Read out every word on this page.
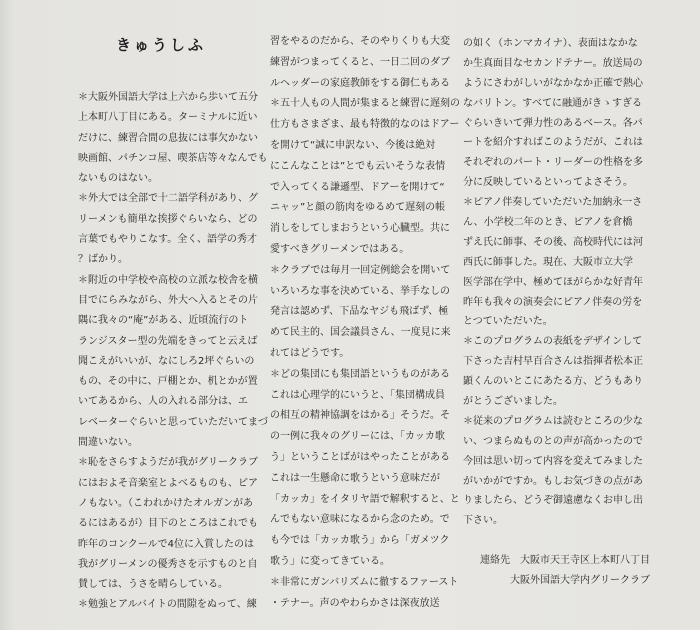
きゅうしふ
＊大阪外国語大学は上六から歩いて五分
上本町八丁目にある。ターミナルに近い
だけに、練習合間の息抜には事欠かない
映画館、パチンコ屋、喫茶店等々なんでも
ないものはない。
＊外大では全部で十二語学科があり、グ
リーメンも簡単な挨拶ぐらいなら、どの
言葉でもやりこなす。全く、語学の秀才
？ばかり。
＊附近の中学校や高校の立派な校舎を横
目でにらみながら、外大へ入るとその片
隅に我々の“庵”がある、近頃流行のト
ランジスター型の先端をきってと云えば
聞こえがいいが、なにしろ2坪ぐらいの
もの、その中に、戸棚とか、机とかが置
いてあるから、人の入れる部分は、エ
レベーターぐらいと思っていただいてまづ
間違いない。
＊恥をさらすようだが我がグリークラブ
にはおよそ音楽室とよべるものも、ピア
ノもない。（こわれかけたオルガンがあ
るにはあるが）目下のところはこれでも
昨年のコンクールで4位に入賞したのは
我がグリーメンの優秀さを示すものと自
賛しては、うさを晴らしている。
＊勉強とアルバイトの間隙をぬって、練
習をやるのだから、そのやりくりも大変
練習がつまってくると、一日二回のダブ
ルヘッダーの家庭教師をする御仁もある
＊五十人もの人間が集まると練習に遅刻の
仕方もさまざま、最も特徴的なのはドアー
を開けて“誠に申訳ない、今後は絶対
にこんなことは”とでも云いそうな表情
で入ってくる謙遜型、ドアーを開けて“
ニャッ”と顔の筋肉をゆるめて遅刻の帳
消しをしてしまおうという心臓型。共に
愛すべきグリーメンではある。
＊クラブでは毎月一回定例総会を開いて
いろいろな事を決めている、挙手なしの
発言は認めず、下品なヤジも飛ばず、極
めて民主的、国会議員さん、一度見に来
れてはどうです。
＊どの集団にも集団語というものがある
これは心理学的にいうと、「集団構成員
の相互の精神協調をはかる」そうだ。そ
の一例に我々のグリーには、「カッカ歌
う」ということばがはやったことがある
これは一生懸命に歌うという意味だが
「カッカ」をイタリヤ語で解釈すると、と
んでもない意味になるから念のため。で
も今では「カッカ歌う」から「ガメツク
歌う」に変ってきている。
＊非常にガンバリズムに徹するファースト
・テナー。声のやわらかさは深夜放送
の如く（ホンマカイナ）、表面はなかな
か生真面目なセカンドテナー。放送局の
ようにさわがしいがなかなか正確で熱心
なバリトン。すべてに融通がきゝすぎる
ぐらいきいて弾力性のあるベース。各パ
ートを紹介すればこのようだが、これは
それぞれのパート・リーダーの性格を多
分に反映しているといってよさそう。
＊ピアノ伴奏していただいた加納永一さ
ん、小学校二年のとき、ピアノを倉橋
ずえ氏に師事、その後、高校時代には河
西氏に師事した。現在、大阪市立大学
医学部在学中、極めてほがらかな好青年
昨年も我々の演奏会にピアノ伴奏の労を
とつていただいた。
＊このプログラムの表紙をデザインして
下さった吉村早百合さんは指揮者松本正
顕くんのいとこにあたる方、どうもあり
がとうございました。
＊従来のプログラムは読むところの少な
い、つまらぬものとの声が高かったので
今回は思い切って内容を変えてみました
がいかがですか。もしお気づきの点があ
りましたら、どうぞ御遠慮なくお申し出
下さい。
連絡先　大阪市天王寺区上本町八丁目
大阪外国語大学内グリークラブ
